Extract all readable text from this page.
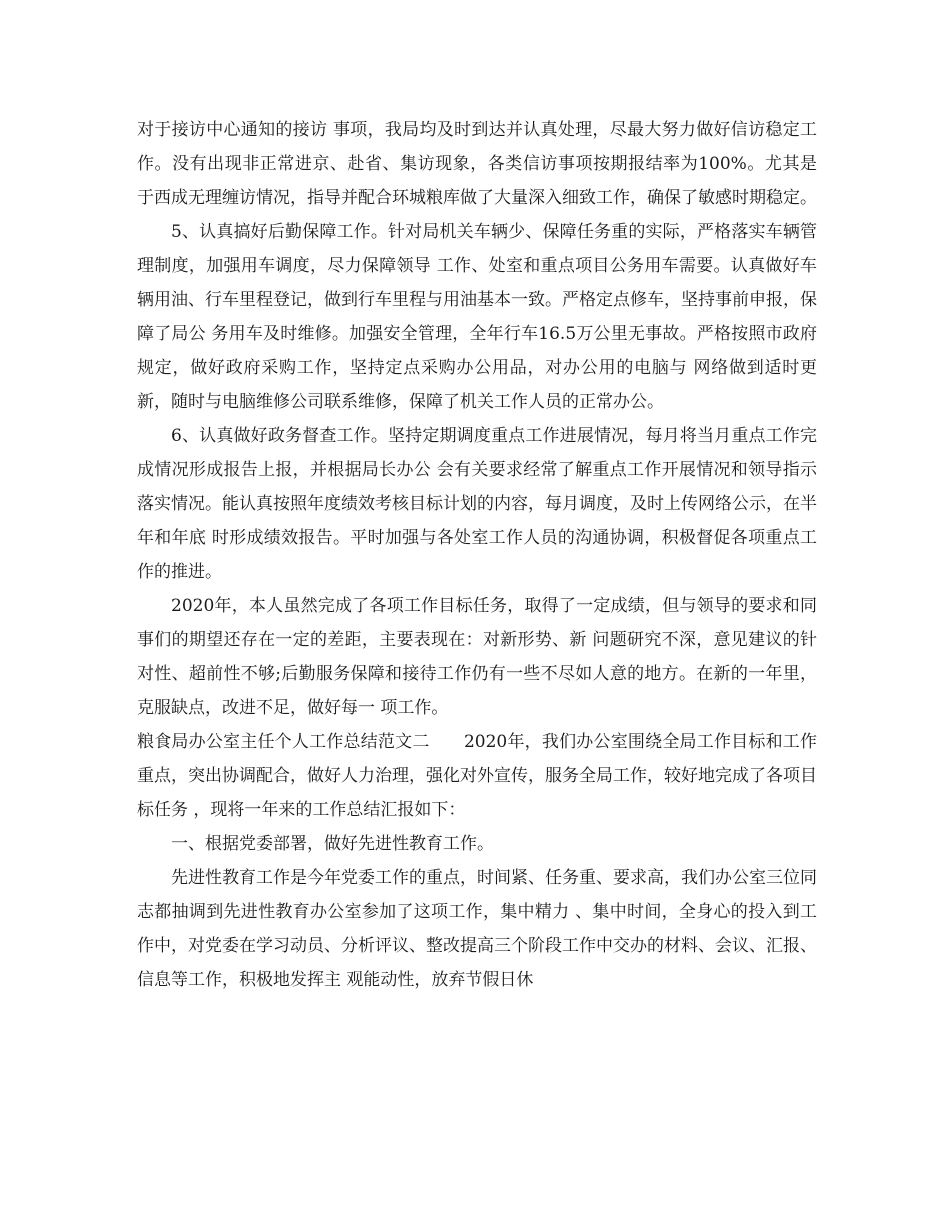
对于接访中心通知的接访 事项，我局均及时到达并认真处理，尽最大努力做好信访稳定工作。没有出现非正常进京、赴省、集访现象，各类信访事项按期报结率为100%。尤其是 于西成无理缠访情况，指导并配合环城粮库做了大量深入细致工作，确保了敏感时期稳定。

5、认真搞好后勤保障工作。针对局机关车辆少、保障任务重的实际，严格落实车辆管理制度，加强用车调度，尽力保障领导 工作、处室和重点项目公务用车需要。认真做好车辆用油、行车里程登记，做到行车里程与用油基本一致。严格定点修车，坚持事前申报，保障了局公 务用车及时维修。加强安全管理，全年行车16.5万公里无事故。严格按照市政府规定，做好政府采购工作，坚持定点采购办公用品，对办公用的电脑与 网络做到适时更新，随时与电脑维修公司联系维修，保障了机关工作人员的正常办公。

6、认真做好政务督查工作。坚持定期调度重点工作进展情况，每月将当月重点工作完成情况形成报告上报，并根据局长办公 会有关要求经常了解重点工作开展情况和领导指示落实情况。能认真按照年度绩效考核目标计划的内容，每月调度，及时上传网络公示，在半年和年底 时形成绩效报告。平时加强与各处室工作人员的沟通协调，积极督促各项重点工作的推进。

2020年，本人虽然完成了各项工作目标任务，取得了一定成绩，但与领导的要求和同事们的期望还存在一定的差距，主要表现在：对新形势、新 问题研究不深，意见建议的针对性、超前性不够;后勤服务保障和接待工作仍有一些不尽如人意的地方。在新的一年里，克服缺点，改进不足，做好每一 项工作。

粮食局办公室主任个人工作总结范文二　　2020年，我们办公室围绕全局工作目标和工作重点，突出协调配合，做好人力治理，强化对外宣传，服务全局工作，较好地完成了各项目标任务 ，现将一年来的工作总结汇报如下：

一、根据党委部署，做好先进性教育工作。

先进性教育工作是今年党委工作的重点，时间紧、任务重、要求高，我们办公室三位同志都抽调到先进性教育办公室参加了这项工作，集中精力 、集中时间，全身心的投入到工作中，对党委在学习动员、分析评议、整改提高三个阶段工作中交办的材料、会议、汇报、信息等工作，积极地发挥主 观能动性，放弃节假日休
